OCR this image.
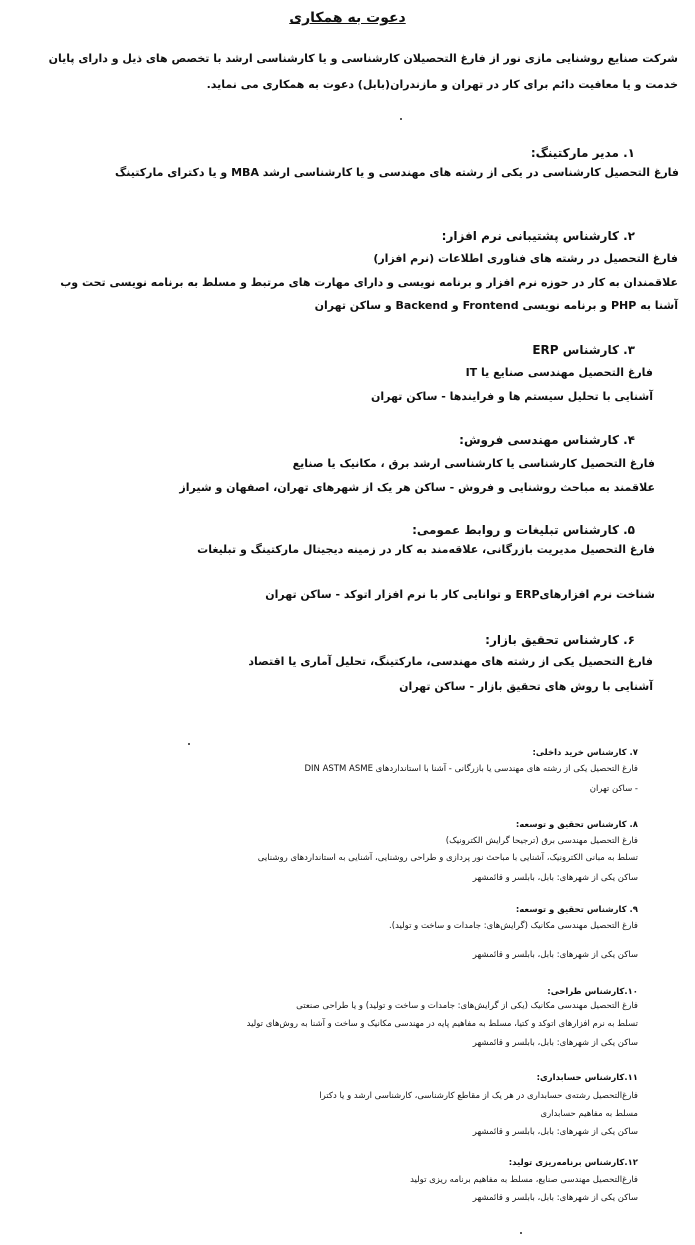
دعوت به همکاری
شرکت صنایع روشنایی مازی نور از فارغ التحصیلان کارشناسی و یا کارشناسی ارشد با تخصص های ذیل و دارای پایان
خدمت و یا معافیت دائم برای کار در تهران و مازندران(بابل) دعوت به همکاری می نماید.
۱. مدیر مارکتینگ:
فارغ التحصیل کارشناسی در یکی از رشته های مهندسی و یا کارشناسی ارشد MBA و یا دکترای مارکتینگ
۲. کارشناس پشتیبانی نرم افزار:
فارغ التحصیل در رشته های فناوری اطلاعات (نرم افزار)
علاقمندان به کار در حوزه نرم افزار و برنامه نویسی و دارای مهارت های مرتبط و مسلط به برنامه نویسی تحت وب
آشنا به PHP و برنامه نویسی Frontend و Backend و ساکن تهران
۳. کارشناس ERP
فارغ التحصیل مهندسی صنایع یا IT
آشنایی با تحلیل سیستم ها و فرایندها - ساکن تهران
۴. کارشناس مهندسی فروش:
فارغ التحصیل کارشناسی یا کارشناسی ارشد برق ، مکانیک یا صنایع
علاقمند به مباحث روشنایی و فروش - ساکن هر یک از شهرهای تهران، اصفهان و شیراز
۵. کارشناس تبلیغات و روابط عمومی:
فارغ التحصیل مدیریت بازرگانی، علاقه‌مند به کار در زمینه دیجیتال مارکتینگ و تبلیغات
شناخت نرم افزارهایERP و توانایی کار با نرم افزار اتوکد - ساکن تهران
۶. کارشناس تحقیق بازار:
فارغ التحصیل یکی از رشته های مهندسی، مارکتینگ، تحلیل آماری یا اقتصاد
آشنایی با روش های تحقیق بازار - ساکن تهران
۷. کارشناس خرید داخلی:
فارغ التحصیل یکی از رشته های مهندسی یا بازرگانی - آشنا با استانداردهای DIN ASTM ASME
- ساکن تهران
۸. کارشناس تحقیق و توسعه:
فارغ التحصیل مهندسی برق (ترجیحا گرایش الکترونیک)
تسلط به مبانی الکترونیک، آشنایی با مباحث نور پردازی و طراحی روشنایی، آشنایی به استانداردهای روشنایی
ساکن یکی از شهرهای: بابل، بابلسر و قائمشهر
۹. کارشناس تحقیق و توسعه:
فارغ التحصیل مهندسی مکانیک (گرایش‌های: جامدات و ساخت و تولید).
ساکن یکی از شهرهای: بابل، بابلسر و قائمشهر
۱۰.کارشناس طراحی:
فارغ التحصیل مهندسی مکانیک (یکی از گرایش‌های: جامدات و ساخت و تولید) و یا طراحی صنعتی
تسلط به نرم افزارهای اتوکد و کتیا، مسلط به مفاهیم پایه در مهندسی مکانیک و ساخت و آشنا به روش‌های تولید
ساکن یکی از شهرهای: بابل، بابلسر و قائمشهر
۱۱.کارشناس حسابداری:
فارغ‌التحصیل رشته‌ی حسابداری در هر یک از مقاطع کارشناسی، کارشناسی ارشد و یا دکترا
مسلط به مفاهیم حسابداری
ساکن یکی از شهرهای: بابل، بابلسر و قائمشهر
۱۲.کارشناس برنامه‌ریزی تولید:
فارغ‌التحصیل مهندسی صنایع، مسلط به مفاهیم برنامه ریزی تولید
ساکن یکی از شهرهای: بابل، بابلسر و قائمشهر
